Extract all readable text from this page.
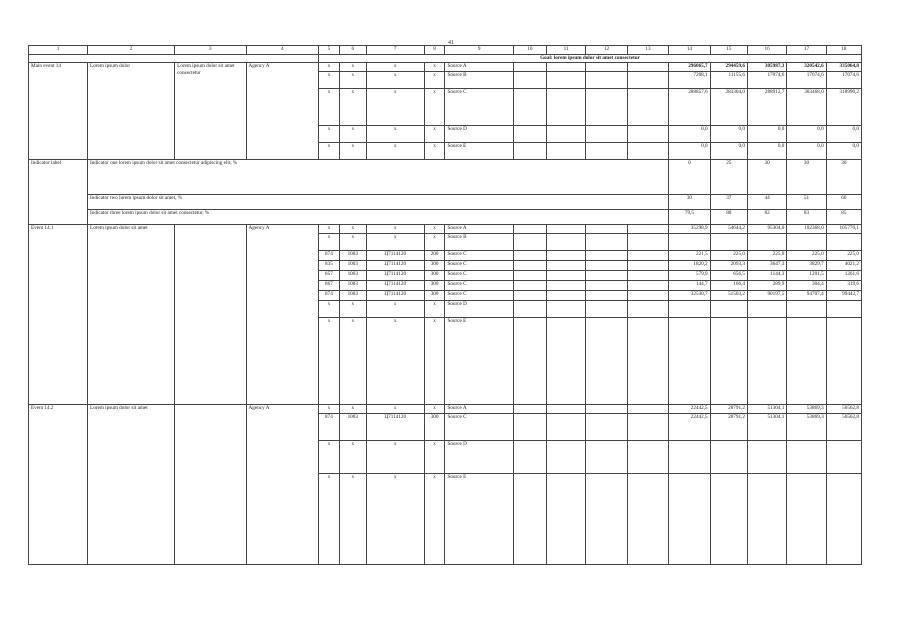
41
1	2	3	4	5	6	7	8	9	10	11	12	13	14	15	16	17	18
				Goal: lorem ipsum dolor sit amet consectetur													
Main event 14	Lorem ipsum dolor	Lorem ipsum dolor sit amet consectetur	Agency A	x	x	x	x	Source A					296065,7	294459,6	305987,3	320542,6	335064,8
				x	x	x	x	Source B					7208,1	11155,6	17074,6	17074,6	17074,6
				x	x	x	x	Source C					288857,6	283304,0	288912,7	303468,0	318990,2
				x	x	x	x	Source D					0,0	0,0	0,0	0,0	0,0
				x	x	x	x	Source E					0,0	0,0	0,0	0,0	0,0
Indicator label	Indicator one lorem ipsum dolor sit amet consectetur adipiscing elit, %												0	25	30	30	30
	Indicator two lorem ipsum dolor sit amet, %												30	37	44	51	60
	Indicator three lorem ipsum dolor sit amet consectetur, %												79,5	80	82	83	85
Event 14.1	Lorem ipsum dolor sit amet		Agency A	x	x	x	x	Source A					35298,9	54644,2	95304,0	102368,0	105770,1
				x	x	x	x	Source B									
				874	1003	Ц7114120	200	Source C					221,5	225,0	225,0	225,0	225,0
				835	1003	Ц7114120	300	Source C					1820,2	2093,3	3647,3	3829,7	4021,2
				857	1003	Ц7114120	300	Source C					579,9	656,5	1144,3	1201,5	1261,6
				867	1003	Ц7114120	300	Source C					144,7	166,4	289,9	304,4	319,6
				874	1003	Ц7114120	300	Source C					32530,7	51503,2	90197,5	94707,4	99442,7
				x	x	x	x	Source D									
				x	x	x	x	Source E									
Event 14.2	Lorem ipsum dolor sit amet		Agency A	x	x	x	x	Source A					22442,5	28791,2	51304,1	53869,3	56562,8
				874	1003	Ц7114120	300	Source C					22442,5	28791,2	51304,1	53869,3	56562,8
				x	x	x	x	Source D									
				x	x	x	x	Source E									
